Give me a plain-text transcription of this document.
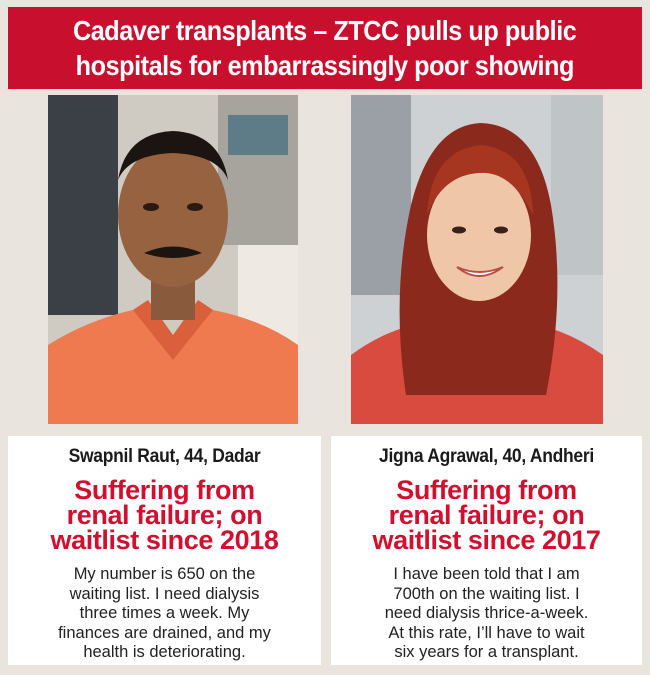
Cadaver transplants – ZTCC pulls up public
hospitals for embarrassingly poor showing
Swapnil Raut, 44, Dadar
Suffering from
renal failure; on
waitlist since 2018
My number is 650 on the
waiting list. I need dialysis
three times a week. My
finances are drained, and my
health is deteriorating.
Jigna Agrawal, 40, Andheri
Suffering from
renal failure; on
waitlist since 2017
I have been told that I am
700th on the waiting list. I
need dialysis thrice-a-week.
At this rate, I’ll have to wait
six years for a transplant.
